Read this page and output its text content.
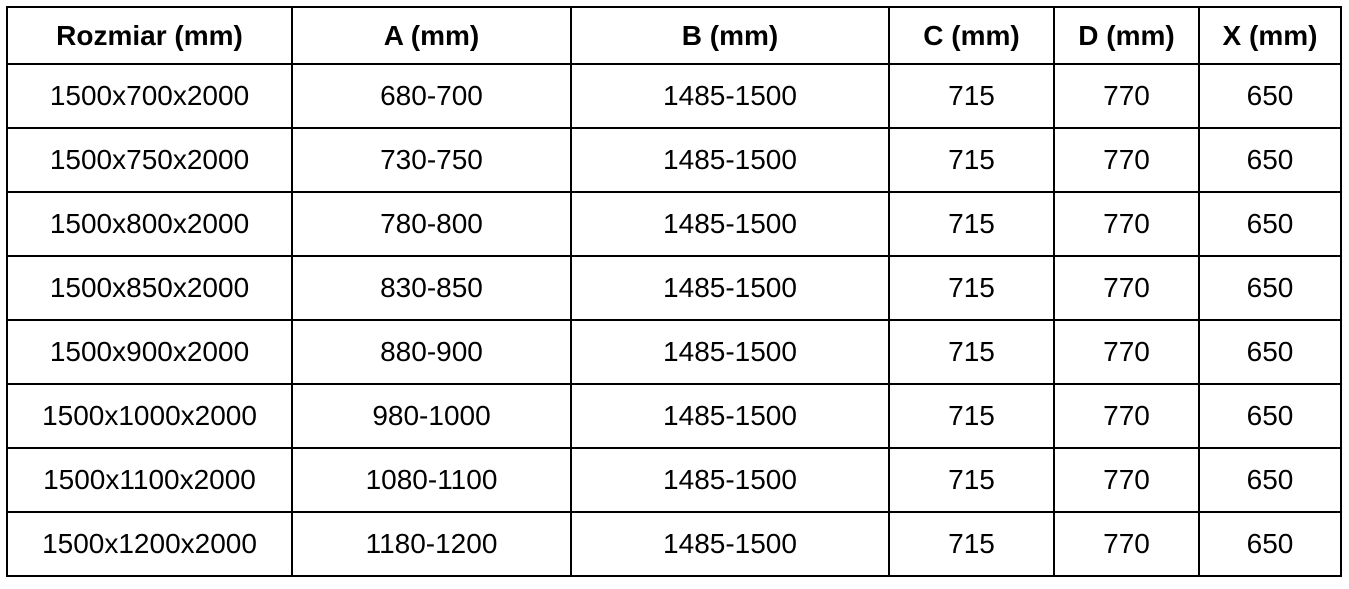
Rozmiar (mm)	A (mm)	B (mm)	C (mm)	D (mm)	X (mm)
1500x700x2000	680-700	1485-1500	715	770	650
1500x750x2000	730-750	1485-1500	715	770	650
1500x800x2000	780-800	1485-1500	715	770	650
1500x850x2000	830-850	1485-1500	715	770	650
1500x900x2000	880-900	1485-1500	715	770	650
1500x1000x2000	980-1000	1485-1500	715	770	650
1500x1100x2000	1080-1100	1485-1500	715	770	650
1500x1200x2000	1180-1200	1485-1500	715	770	650
